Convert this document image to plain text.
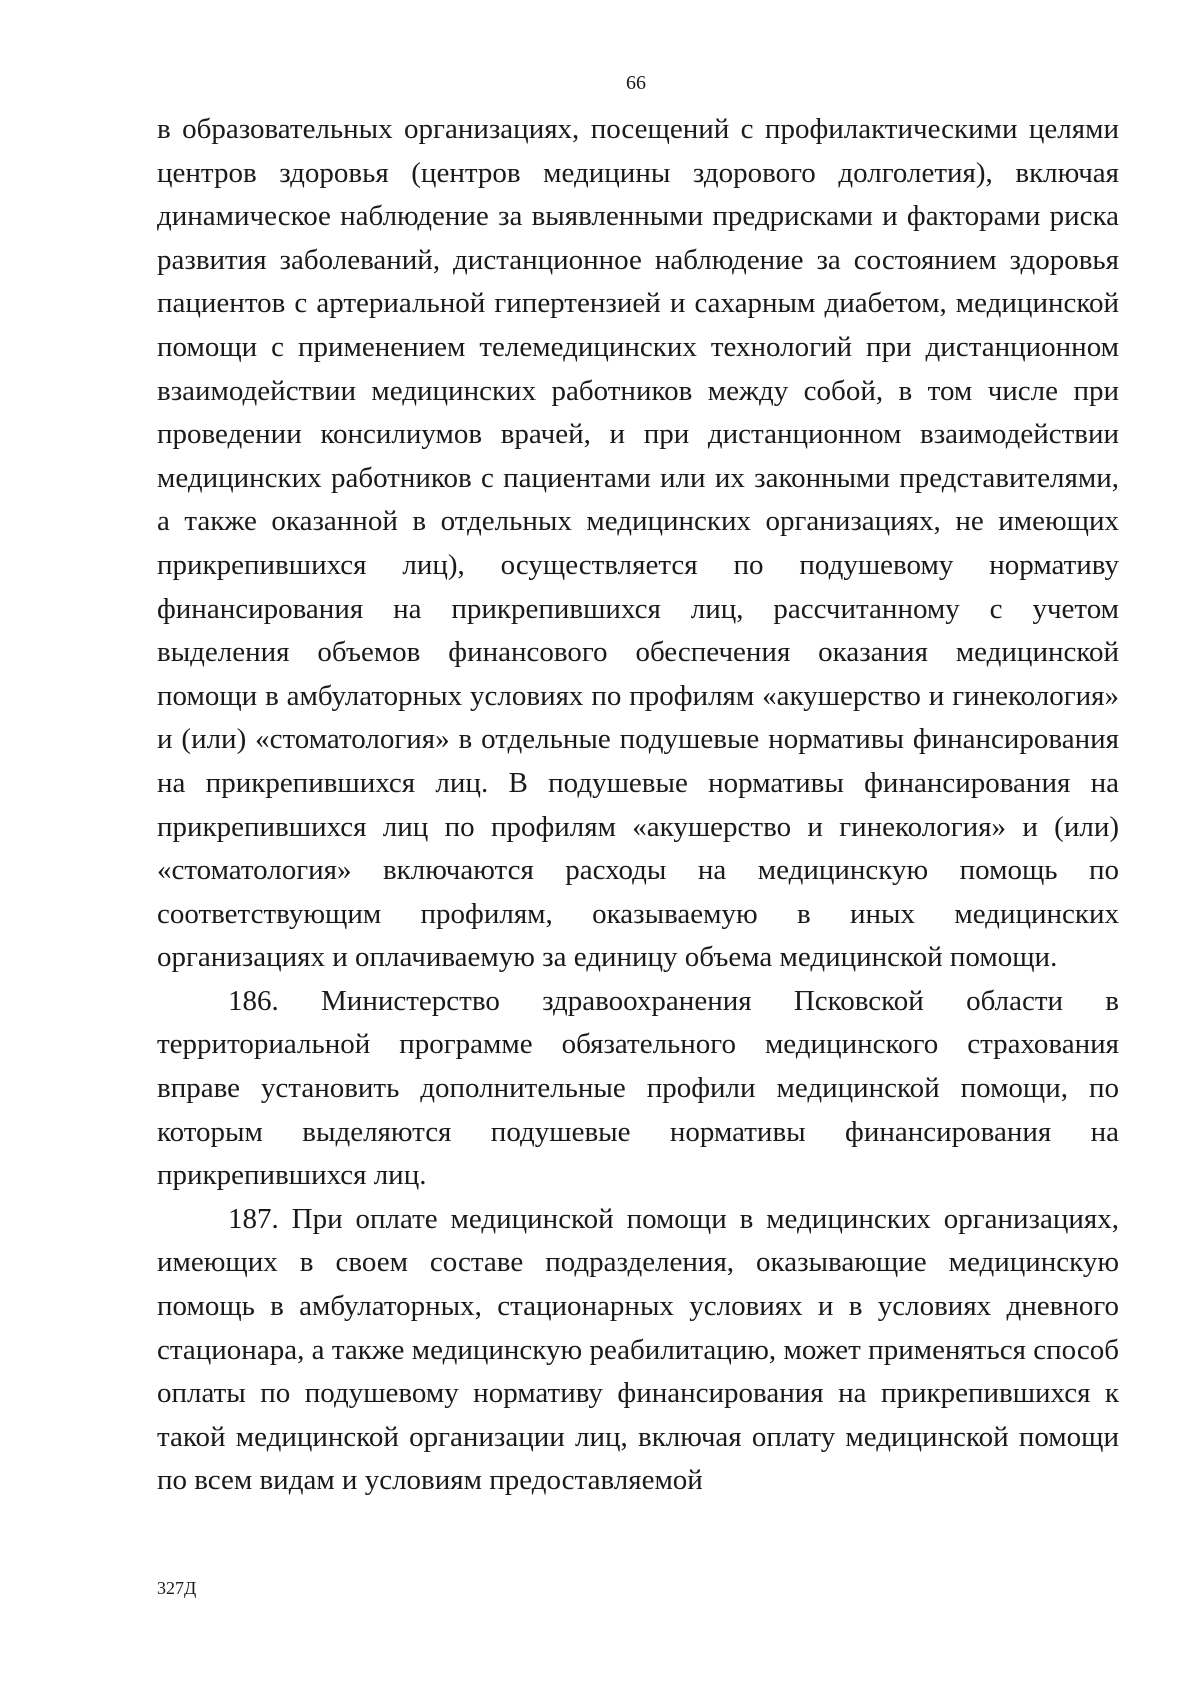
66

в образовательных организациях, посещений с профилактическими целями центров здоровья (центров медицины здорового долголетия), включая динамическое наблюдение за выявленными предрисками и факторами риска развития заболеваний, дистанционное наблюдение за состоянием здоровья пациентов с артериальной гипертензией и сахарным диабетом, медицинской помощи с применением телемедицинских технологий при дистанционном взаимодействии медицинских работников между собой, в том числе при проведении консилиумов врачей, и при дистанционном взаимодействии медицинских работников с пациентами или их законными представителями, а также оказанной в отдельных медицинских организациях, не имеющих прикрепившихся лиц), осуществляется по подушевому нормативу финансирования на прикрепившихся лиц, рассчитанному с учетом выделения объемов финансового обеспечения оказания медицинской помощи в амбулаторных условиях по профилям «акушерство и гинекология» и (или) «стоматология» в отдельные подушевые нормативы финансирования на прикрепившихся лиц. В подушевые нормативы финансирования на прикрепившихся лиц по профилям «акушерство и гинекология» и (или) «стоматология» включаются расходы на медицинскую помощь по соответствующим профилям, оказываемую в иных медицинских организациях и оплачиваемую за единицу объема медицинской помощи.

186. Министерство здравоохранения Псковской области в территориальной программе обязательного медицинского страхования вправе установить дополнительные профили медицинской помощи, по которым выделяются подушевые нормативы финансирования на прикрепившихся лиц.

187. При оплате медицинской помощи в медицинских организациях, имеющих в своем составе подразделения, оказывающие медицинскую помощь в амбулаторных, стационарных условиях и в условиях дневного стационара, а также медицинскую реабилитацию, может применяться способ оплаты по подушевому нормативу финансирования на прикрепившихся к такой медицинской организации лиц, включая оплату медицинской помощи по всем видам и условиям предоставляемой

327Д
